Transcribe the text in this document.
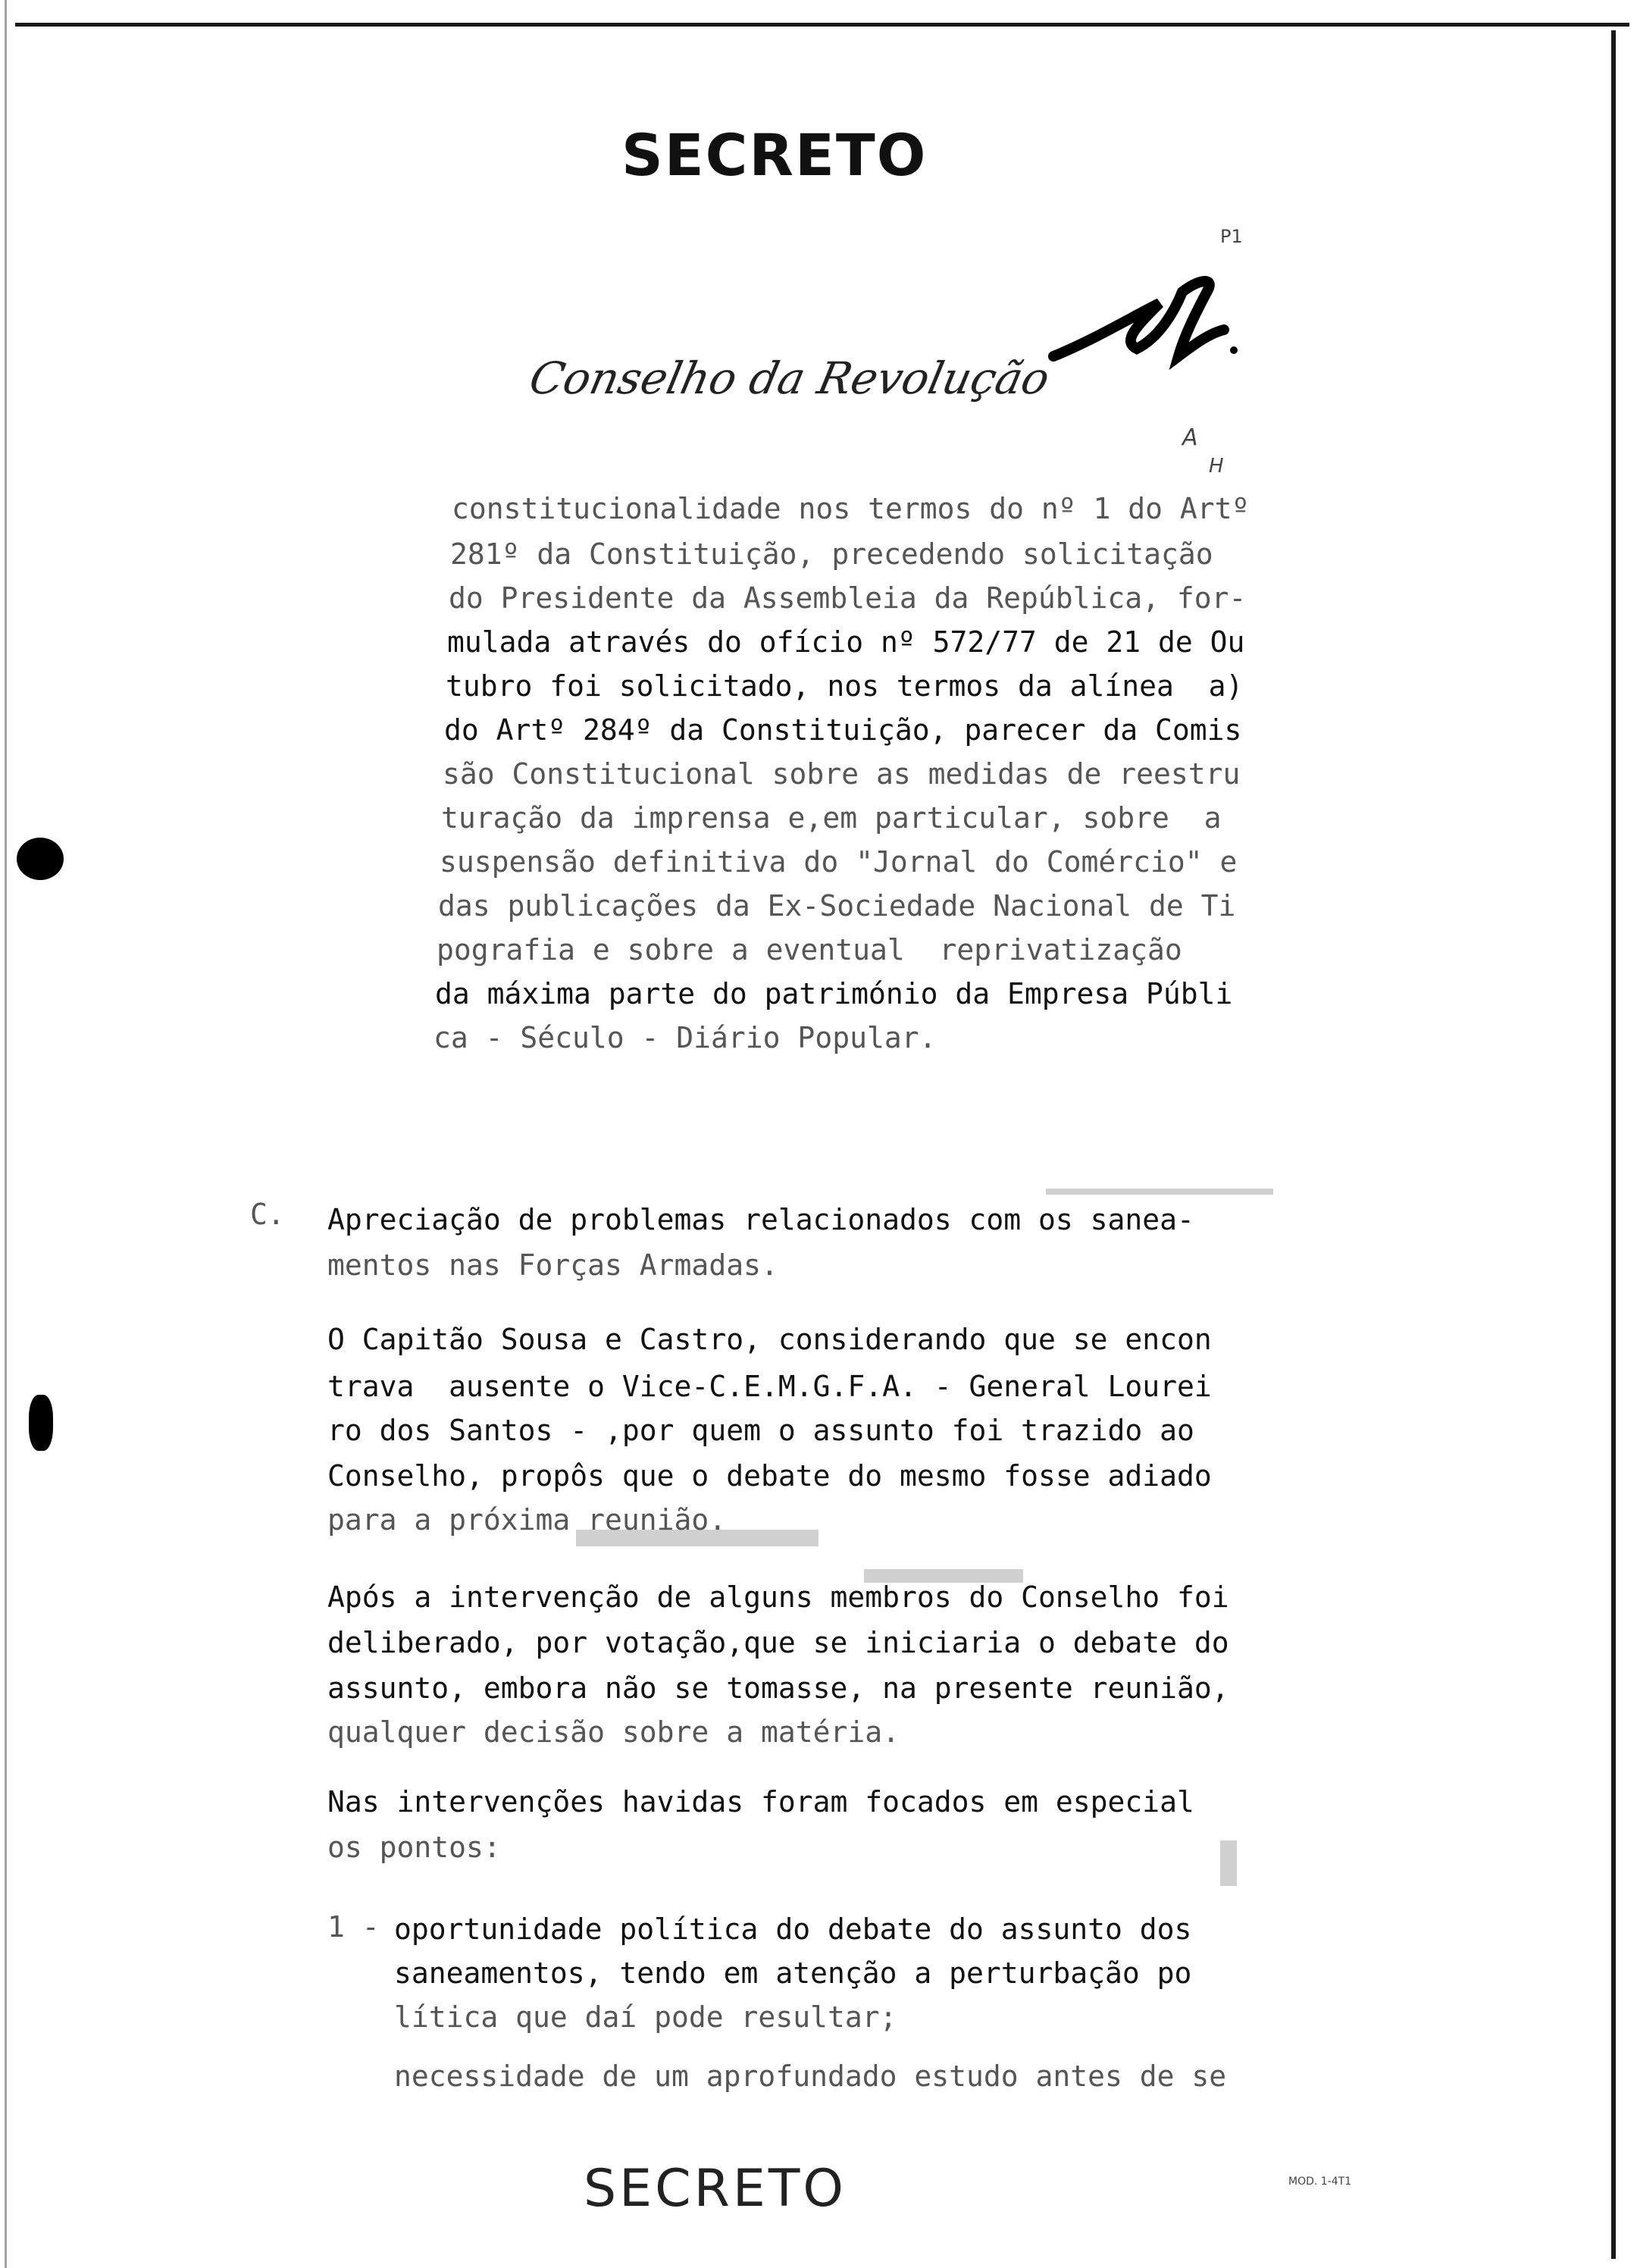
SECRETO
Conselho da Revolução
P1
A
H
constitucionalidade nos termos do nº 1 do Artº
281º da Constituição, precedendo solicitação
do Presidente da Assembleia da República, for-
mulada através do ofício nº 572/77 de 21 de Ou
tubro foi solicitado, nos termos da alínea  a)
do Artº 284º da Constituição, parecer da Comis
são Constitucional sobre as medidas de reestru
turação da imprensa e,em particular, sobre  a
suspensão definitiva do "Jornal do Comércio" e
das publicações da Ex-Sociedade Nacional de Ti
pografia e sobre a eventual  reprivatização
da máxima parte do património da Empresa Públi
ca - Século - Diário Popular.
C. Apreciação de problemas relacionados com os sanea-
mentos nas Forças Armadas.
O Capitão Sousa e Castro, considerando que se encon
trava  ausente o Vice-C.E.M.G.F.A. - General Lourei
ro dos Santos - ,por quem o assunto foi trazido ao
Conselho, propôs que o debate do mesmo fosse adiado
para a próxima reunião.
Após a intervenção de alguns membros do Conselho foi
deliberado, por votação,que se iniciaria o debate do
assunto, embora não se tomasse, na presente reunião,
qualquer decisão sobre a matéria.
Nas intervenções havidas foram focados em especial
os pontos:
1 - oportunidade política do debate do assunto dos
saneamentos, tendo em atenção a perturbação po
lítica que daí pode resultar;
necessidade de um aprofundado estudo antes de se
SECRETO	MOD. 1-4T1
